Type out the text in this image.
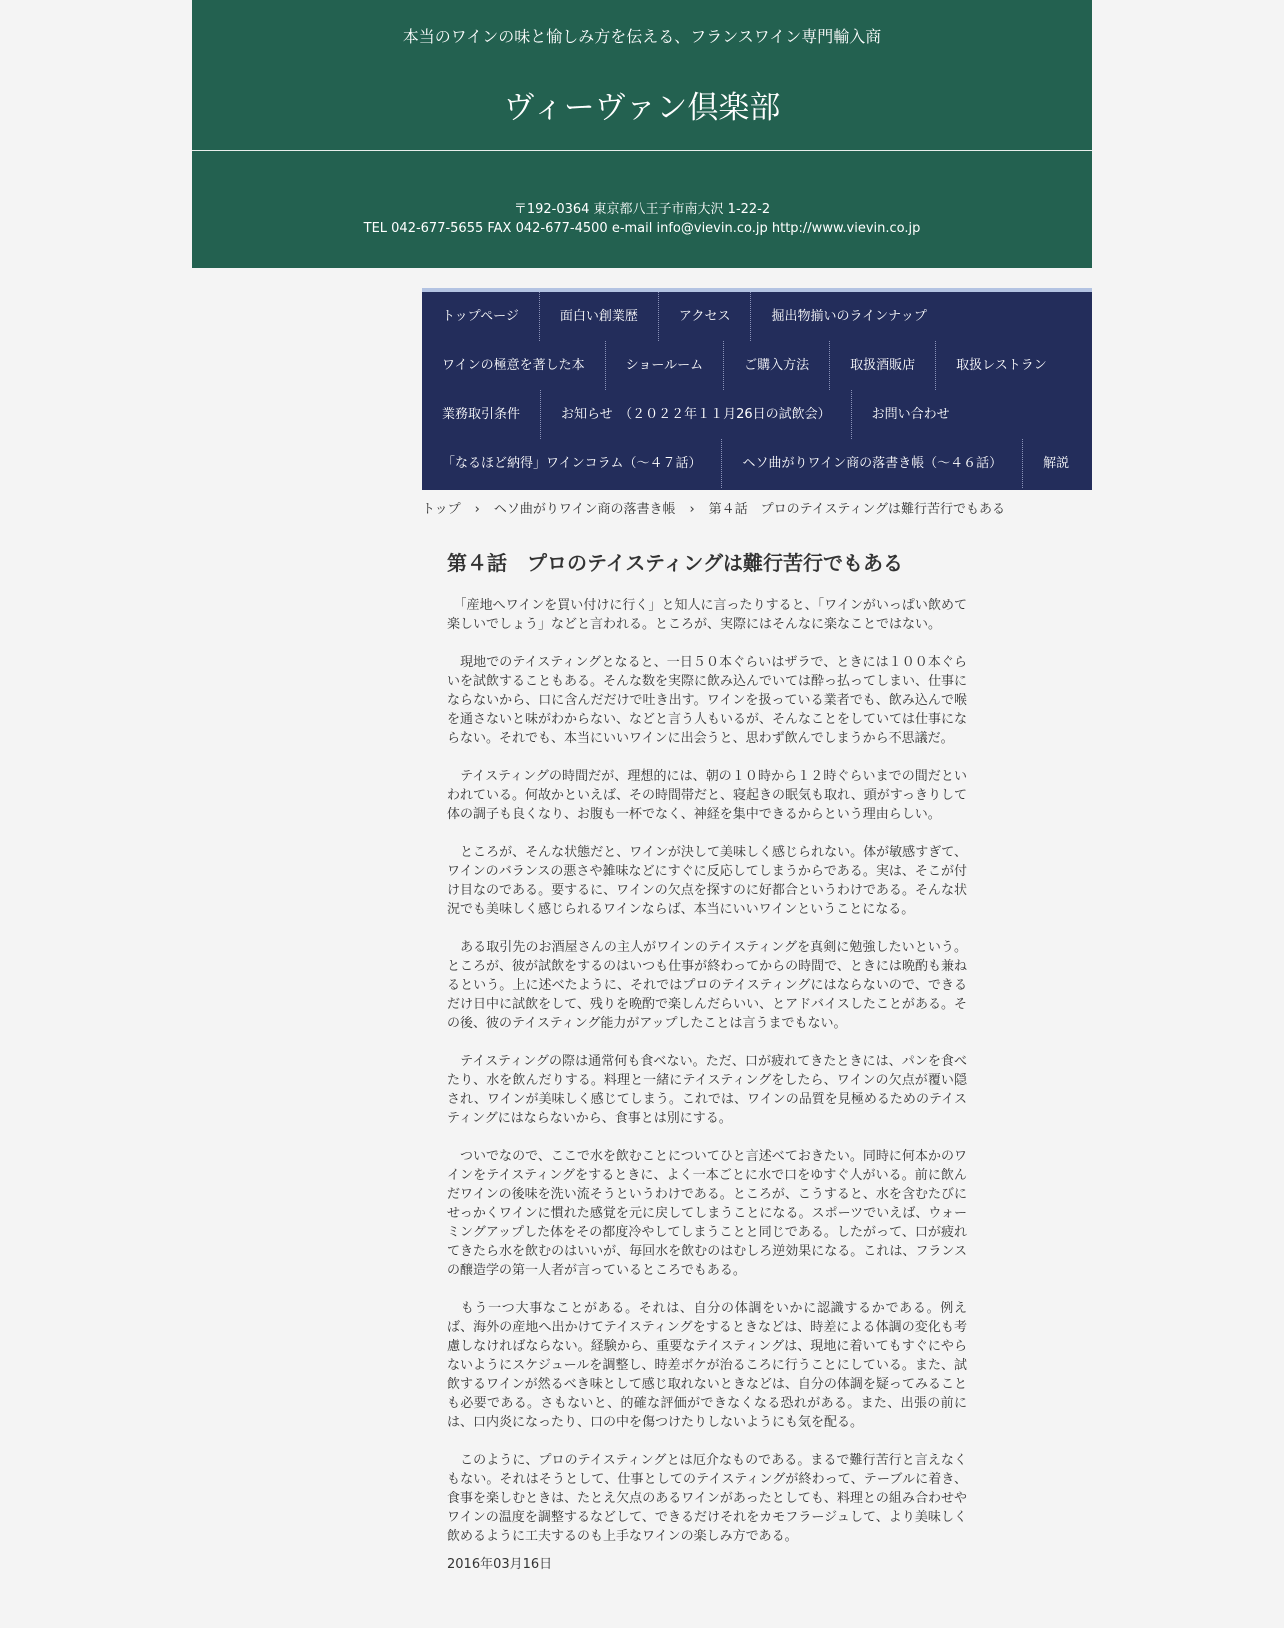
本当のワインの味と愉しみ方を伝える、フランスワイン専門輸入商
ヴィーヴァン倶楽部
〒192-0364 東京都八王子市南大沢 1-22-2
TEL 042-677-5655 FAX 042-677-4500 e-mail info@vievin.co.jp http://www.vievin.co.jp
トップページ	面白い創業歴	アクセス	掘出物揃いのラインナップ
ワインの極意を著した本	ショールーム	ご購入方法	取扱酒販店	取扱レストラン
業務取引条件	お知らせ　（２０２２年１１月26日の試飲会）	お問い合わせ
「なるほど納得」ワインコラム（～４７話）	ヘソ曲がりワイン商の落書き帳（～４６話）	解説
トップ › ヘソ曲がりワイン商の落書き帳 › 第４話　プロのテイスティングは難行苦行でもある
第４話　プロのテイスティングは難行苦行でもある

　「産地へワインを買い付けに行く」と知人に言ったりすると、「ワインがいっぱい飲めて楽しいでしょう」などと言われる。ところが、実際にはそんなに楽なことではない。

　現地でのテイスティングとなると、一日５０本ぐらいはザラで、ときには１００本ぐらいを試飲することもある。そんな数を実際に飲み込んでいては酔っ払ってしまい、仕事にならないから、口に含んだだけで吐き出す。ワインを扱っている業者でも、飲み込んで喉を通さないと味がわからない、などと言う人もいるが、そんなことをしていては仕事にならない。それでも、本当にいいワインに出会うと、思わず飲んでしまうから不思議だ。

　テイスティングの時間だが、理想的には、朝の１０時から１２時ぐらいまでの間だといわれている。何故かといえば、その時間帯だと、寝起きの眠気も取れ、頭がすっきりして体の調子も良くなり、お腹も一杯でなく、神経を集中できるからという理由らしい。

　ところが、そんな状態だと、ワインが決して美味しく感じられない。体が敏感すぎて、ワインのバランスの悪さや雑味などにすぐに反応してしまうからである。実は、そこが付け目なのである。要するに、ワインの欠点を探すのに好都合というわけである。そんな状況でも美味しく感じられるワインならば、本当にいいワインということになる。

　ある取引先のお酒屋さんの主人がワインのテイスティングを真剣に勉強したいという。ところが、彼が試飲をするのはいつも仕事が終わってからの時間で、ときには晩酌も兼ねるという。上に述べたように、それではプロのテイスティングにはならないので、できるだけ日中に試飲をして、残りを晩酌で楽しんだらいい、とアドバイスしたことがある。その後、彼のテイスティング能力がアップしたことは言うまでもない。

　テイスティングの際は通常何も食べない。ただ、口が疲れてきたときには、パンを食べたり、水を飲んだりする。料理と一緒にテイスティングをしたら、ワインの欠点が覆い隠され、ワインが美味しく感じてしまう。これでは、ワインの品質を見極めるためのテイスティングにはならないから、食事とは別にする。

　ついでなので、ここで水を飲むことについてひと言述べておきたい。同時に何本かのワインをテイスティングをするときに、よく一本ごとに水で口をゆすぐ人がいる。前に飲んだワインの後味を洗い流そうというわけである。ところが、こうすると、水を含むたびにせっかくワインに慣れた感覚を元に戻してしまうことになる。スポーツでいえば、ウォーミングアップした体をその都度冷やしてしまうことと同じである。したがって、口が疲れてきたら水を飲むのはいいが、毎回水を飲むのはむしろ逆効果になる。これは、フランスの醸造学の第一人者が言っているところでもある。

　もう一つ大事なことがある。それは、自分の体調をいかに認識するかである。例えば、海外の産地へ出かけてテイスティングをするときなどは、時差による体調の変化も考慮しなければならない。経験から、重要なテイスティングは、現地に着いてもすぐにやらないようにスケジュールを調整し、時差ボケが治るころに行うことにしている。また、試飲するワインが然るべき味として感じ取れないときなどは、自分の体調を疑ってみることも必要である。さもないと、的確な評価ができなくなる恐れがある。また、出張の前には、口内炎になったり、口の中を傷つけたりしないようにも気を配る。

　このように、プロのテイスティングとは厄介なものである。まるで難行苦行と言えなくもない。それはそうとして、仕事としてのテイスティングが終わって、テーブルに着き、食事を楽しむときは、たとえ欠点のあるワインがあったとしても、料理との組み合わせやワインの温度を調整するなどして、できるだけそれをカモフラージュして、より美味しく飲めるように工夫するのも上手なワインの楽しみ方である。

2016年03月16日
